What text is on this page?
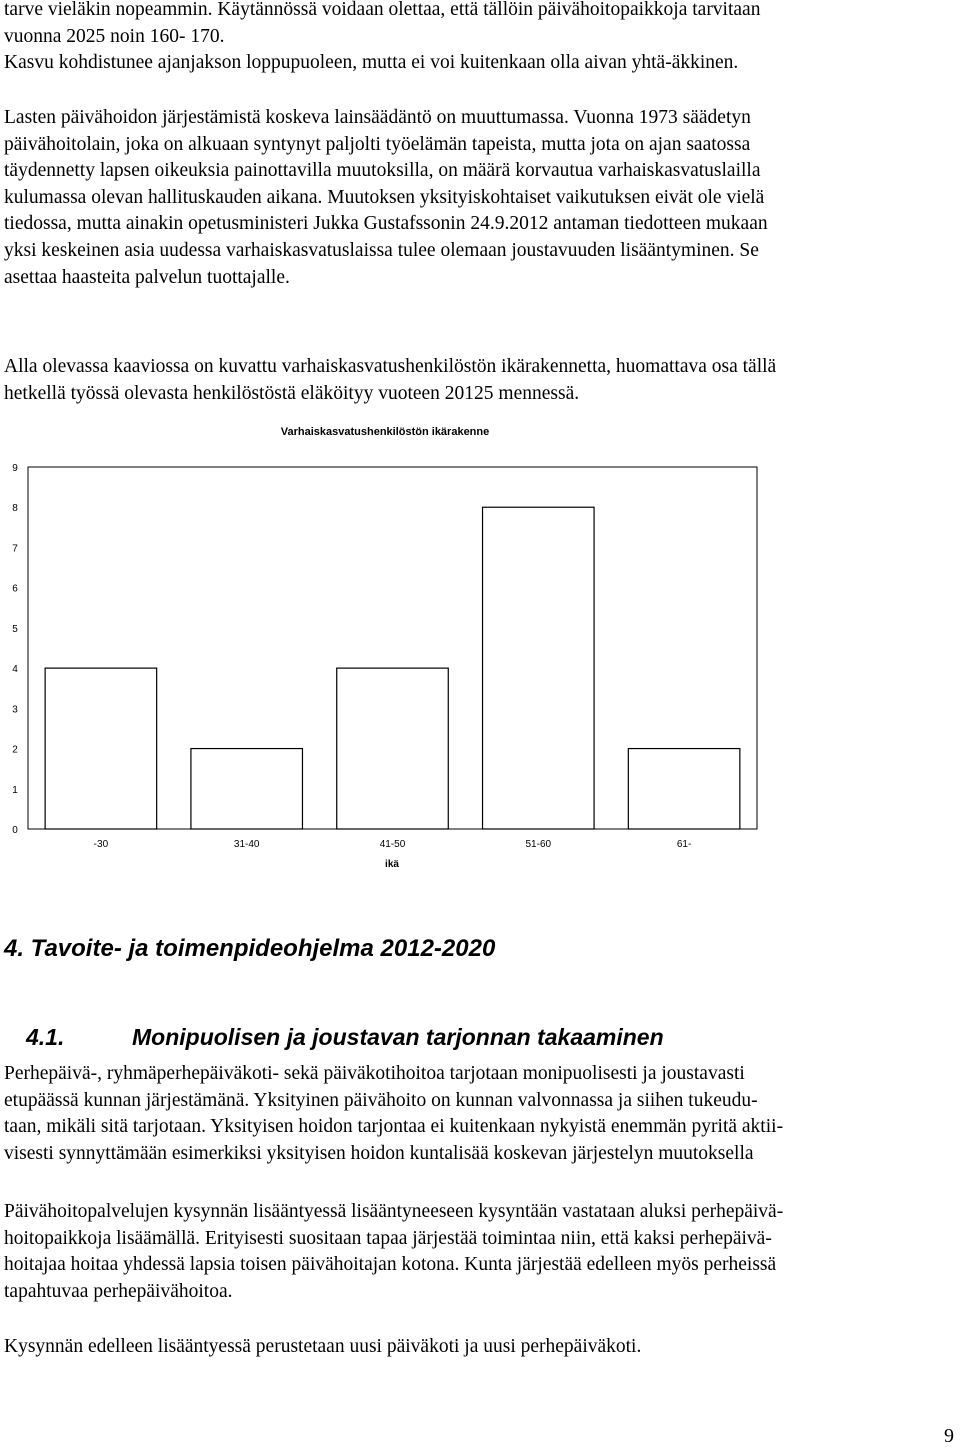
tarve vieläkin nopeammin. Käytännössä voidaan olettaa, että tällöin päivähoitopaikkoja tarvitaan
vuonna 2025 noin 160- 170.
Kasvu kohdistunee ajanjakson loppupuoleen, mutta ei voi kuitenkaan olla aivan yhtä-äkkinen.
Lasten päivähoidon järjestämistä koskeva lainsäädäntö on muuttumassa. Vuonna 1973 säädetyn
päivähoitolain, joka on alkuaan syntynyt paljolti työelämän tapeista, mutta jota on ajan saatossa
täydennetty lapsen oikeuksia painottavilla muutoksilla, on määrä korvautua varhaiskasvatuslailla
kulumassa olevan hallituskauden aikana. Muutoksen yksityiskohtaiset vaikutuksen eivät ole vielä
tiedossa, mutta ainakin opetusministeri Jukka Gustafssonin 24.9.2012 antaman tiedotteen mukaan
yksi keskeinen asia uudessa varhaiskasvatuslaissa tulee olemaan joustavuuden lisääntyminen. Se
asettaa haasteita palvelun tuottajalle.
Alla olevassa kaaviossa on kuvattu varhaiskasvatushenkilöstön ikärakennetta, huomattava osa tällä
hetkellä työssä olevasta henkilöstöstä eläköityy vuoteen 20125 mennessä.
Varhaiskasvatushenkilöstön ikärakenne
0
1
2
3
4
5
6
7
8
9
-30	31-40	41-50	51-60	61-
ikä
4. Tavoite- ja toimenpideohjelma 2012-2020
4.1.	Monipuolisen ja joustavan tarjonnan takaaminen
Perhepäivä-, ryhmäperhepäiväkoti- sekä päiväkotihoitoa tarjotaan monipuolisesti ja joustavasti
etupäässä kunnan järjestämänä. Yksityinen päivähoito on kunnan valvonnassa ja siihen tukeudu-
taan, mikäli sitä tarjotaan. Yksityisen hoidon tarjontaa ei kuitenkaan nykyistä enemmän pyritä aktii-
visesti synnyttämään esimerkiksi yksityisen hoidon kuntalisää koskevan järjestelyn muutoksella
Päivähoitopalvelujen kysynnän lisääntyessä lisääntyneeseen kysyntään vastataan aluksi perhepäivä-
hoitopaikkoja lisäämällä. Erityisesti suositaan tapaa järjestää toimintaa niin, että kaksi perhepäivä-
hoitajaa hoitaa yhdessä lapsia toisen päivähoitajan kotona. Kunta järjestää edelleen myös perheissä
tapahtuvaa perhepäivähoitoa.
Kysynnän edelleen lisääntyessä perustetaan uusi päiväkoti ja uusi perhepäiväkoti.
9
